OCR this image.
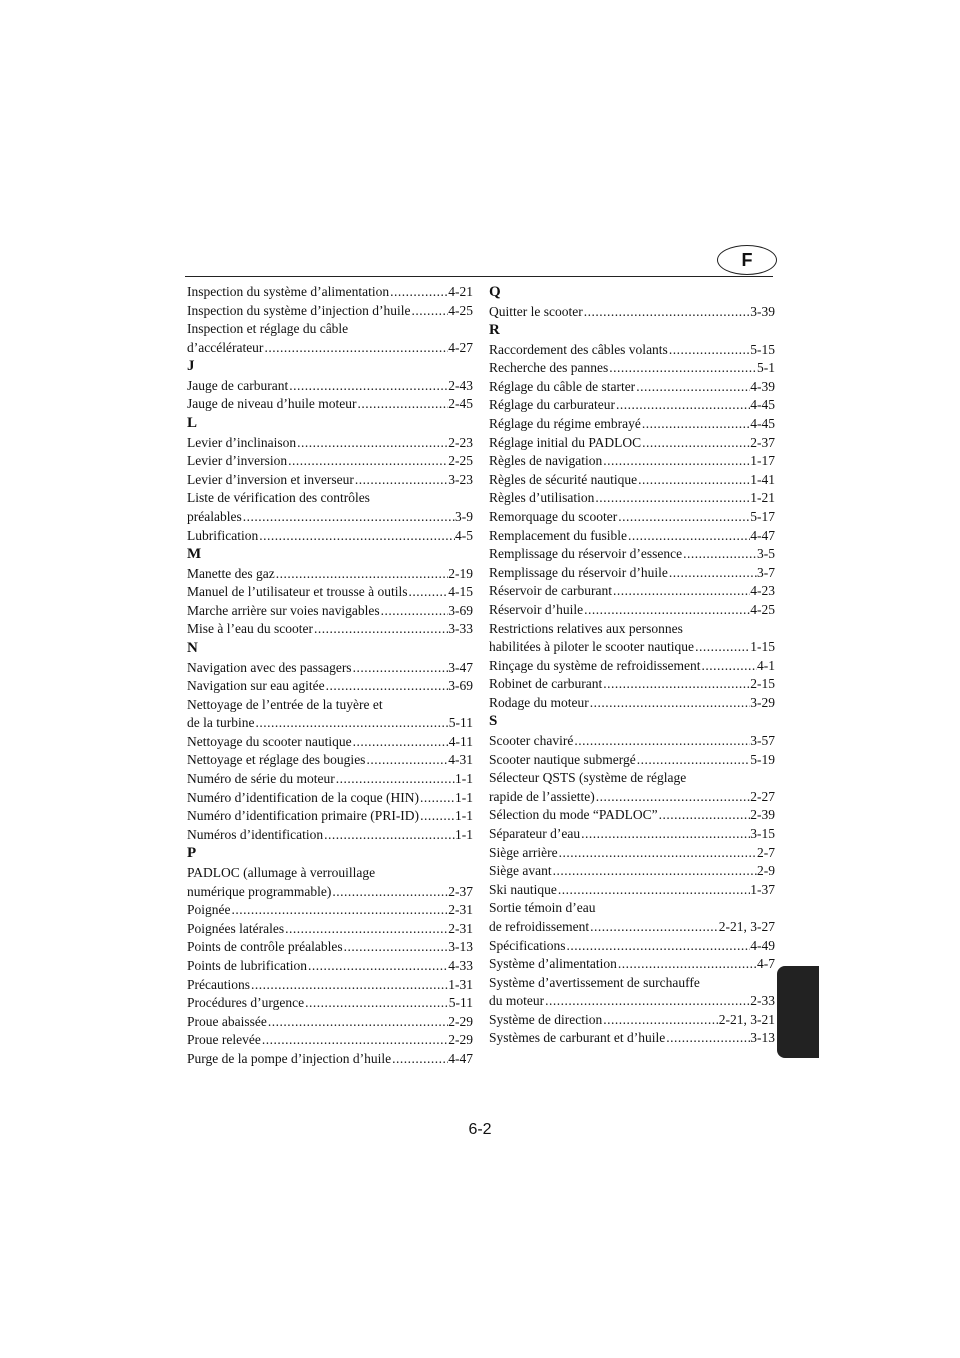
F
Inspection du système d’alimentation .....	4-21
Inspection du système d’injection d’huile .....	4-25
Inspection et réglage du câble
d’accélérateur .....	4-27
J
Jauge de carburant .....	2-43
Jauge de niveau d’huile moteur .....	2-45
L
Levier d’inclinaison .....	2-23
Levier d’inversion .....	2-25
Levier d’inversion et inverseur .....	3-23
Liste de vérification des contrôles
préalables .....	3-9
Lubrification .....	4-5
M
Manette des gaz .....	2-19
Manuel de l’utilisateur et trousse à outils .....	4-15
Marche arrière sur voies navigables .....	3-69
Mise à l’eau du scooter .....	3-33
N
Navigation avec des passagers .....	3-47
Navigation sur eau agitée .....	3-69
Nettoyage de l’entrée de la tuyère et
de la turbine .....	5-11
Nettoyage du scooter nautique .....	4-11
Nettoyage et réglage des bougies .....	4-31
Numéro de série du moteur .....	1-1
Numéro d’identification de la coque (HIN) .....	1-1
Numéro d’identification primaire (PRI-ID) .....	1-1
Numéros d’identification .....	1-1
P
PADLOC (allumage à verrouillage
numérique programmable) .....	2-37
Poignée .....	2-31
Poignées latérales .....	2-31
Points de contrôle préalables .....	3-13
Points de lubrification .....	4-33
Précautions .....	1-31
Procédures d’urgence .....	5-11
Proue abaissée .....	2-29
Proue relevée .....	2-29
Purge de la pompe d’injection d’huile .....	4-47
Q
Quitter le scooter .....	3-39
R
Raccordement des câbles volants .....	5-15
Recherche des pannes .....	5-1
Réglage du câble de starter .....	4-39
Réglage du carburateur .....	4-45
Réglage du régime embrayé .....	4-45
Réglage initial du PADLOC .....	2-37
Règles de navigation .....	1-17
Règles de sécurité nautique .....	1-41
Règles d’utilisation .....	1-21
Remorquage du scooter .....	5-17
Remplacement du fusible .....	4-47
Remplissage du réservoir d’essence .....	3-5
Remplissage du réservoir d’huile .....	3-7
Réservoir de carburant .....	4-23
Réservoir d’huile .....	4-25
Restrictions relatives aux personnes
habilitées à piloter le scooter nautique .....	1-15
Rinçage du système de refroidissement .....	4-1
Robinet de carburant .....	2-15
Rodage du moteur .....	3-29
S
Scooter chaviré .....	3-57
Scooter nautique submergé .....	5-19
Sélecteur QSTS (système de réglage
rapide de l’assiette) .....	2-27
Sélection du mode “PADLOC” .....	2-39
Séparateur d’eau .....	3-15
Siège arrière .....	2-7
Siège avant .....	2-9
Ski nautique .....	1-37
Sortie témoin d’eau
de refroidissement .....	2-21, 3-27
Spécifications .....	4-49
Système d’alimentation .....	4-7
Système d’avertissement de surchauffe
du moteur .....	2-33
Système de direction .....	2-21, 3-21
Systèmes de carburant et d’huile .....	3-13
6-2
